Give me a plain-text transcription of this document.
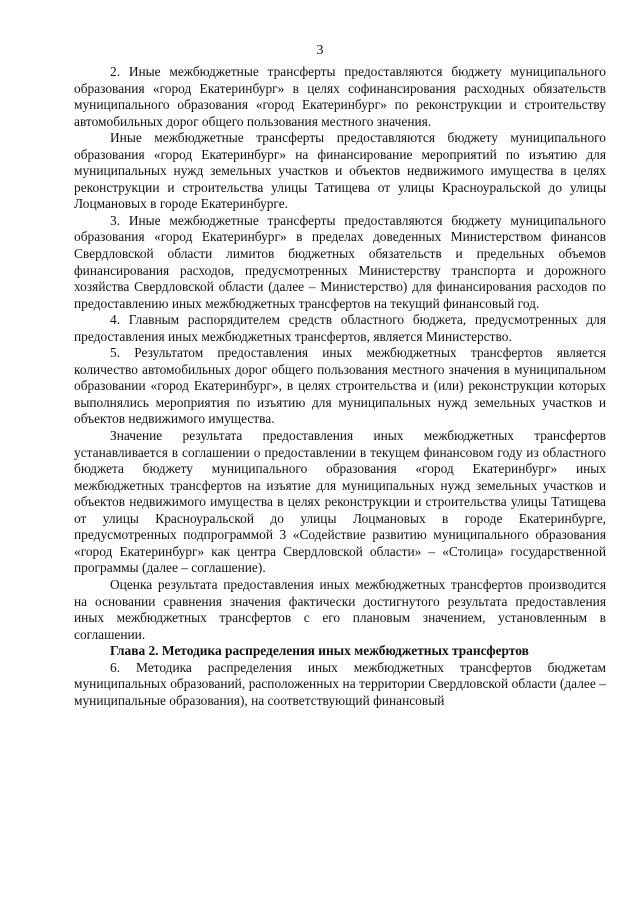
3

2. Иные межбюджетные трансферты предоставляются бюджету муниципального образования «город Екатеринбург» в целях софинансирования расходных обязательств муниципального образования «город Екатеринбург» по реконструкции и строительству автомобильных дорог общего пользования местного значения.

Иные межбюджетные трансферты предоставляются бюджету муниципального образования «город Екатеринбург» на финансирование мероприятий по изъятию для муниципальных нужд земельных участков и объектов недвижимого имущества в целях реконструкции и строительства улицы Татищева от улицы Красноуральской до улицы Лоцмановых в городе Екатеринбурге.

3. Иные межбюджетные трансферты предоставляются бюджету муниципального образования «город Екатеринбург» в пределах доведенных Министерством финансов Свердловской области лимитов бюджетных обязательств и предельных объемов финансирования расходов, предусмотренных Министерству транспорта и дорожного хозяйства Свердловской области (далее – Министерство) для финансирования расходов по предоставлению иных межбюджетных трансфертов на текущий финансовый год.

4. Главным распорядителем средств областного бюджета, предусмотренных для предоставления иных межбюджетных трансфертов, является Министерство.

5. Результатом предоставления иных межбюджетных трансфертов является количество автомобильных дорог общего пользования местного значения в муниципальном образовании «город Екатеринбург», в целях строительства и (или) реконструкции которых выполнялись мероприятия по изъятию для муниципальных нужд земельных участков и объектов недвижимого имущества.

Значение результата предоставления иных межбюджетных трансфертов устанавливается в соглашении о предоставлении в текущем финансовом году из областного бюджета бюджету муниципального образования «город Екатеринбург» иных межбюджетных трансфертов на изъятие для муниципальных нужд земельных участков и объектов недвижимого имущества в целях реконструкции и строительства улицы Татищева от улицы Красноуральской до улицы Лоцмановых в городе Екатеринбурге, предусмотренных подпрограммой 3 «Содействие развитию муниципального образования «город Екатеринбург» как центра Свердловской области» – «Столица» государственной программы (далее – соглашение).

Оценка результата предоставления иных межбюджетных трансфертов производится на основании сравнения значения фактически достигнутого результата предоставления иных межбюджетных трансфертов с его плановым значением, установленным в соглашении.

Глава 2. Методика распределения иных межбюджетных трансфертов

6. Методика распределения иных межбюджетных трансфертов бюджетам муниципальных образований, расположенных на территории Свердловской области (далее – муниципальные образования), на соответствующий финансовый
